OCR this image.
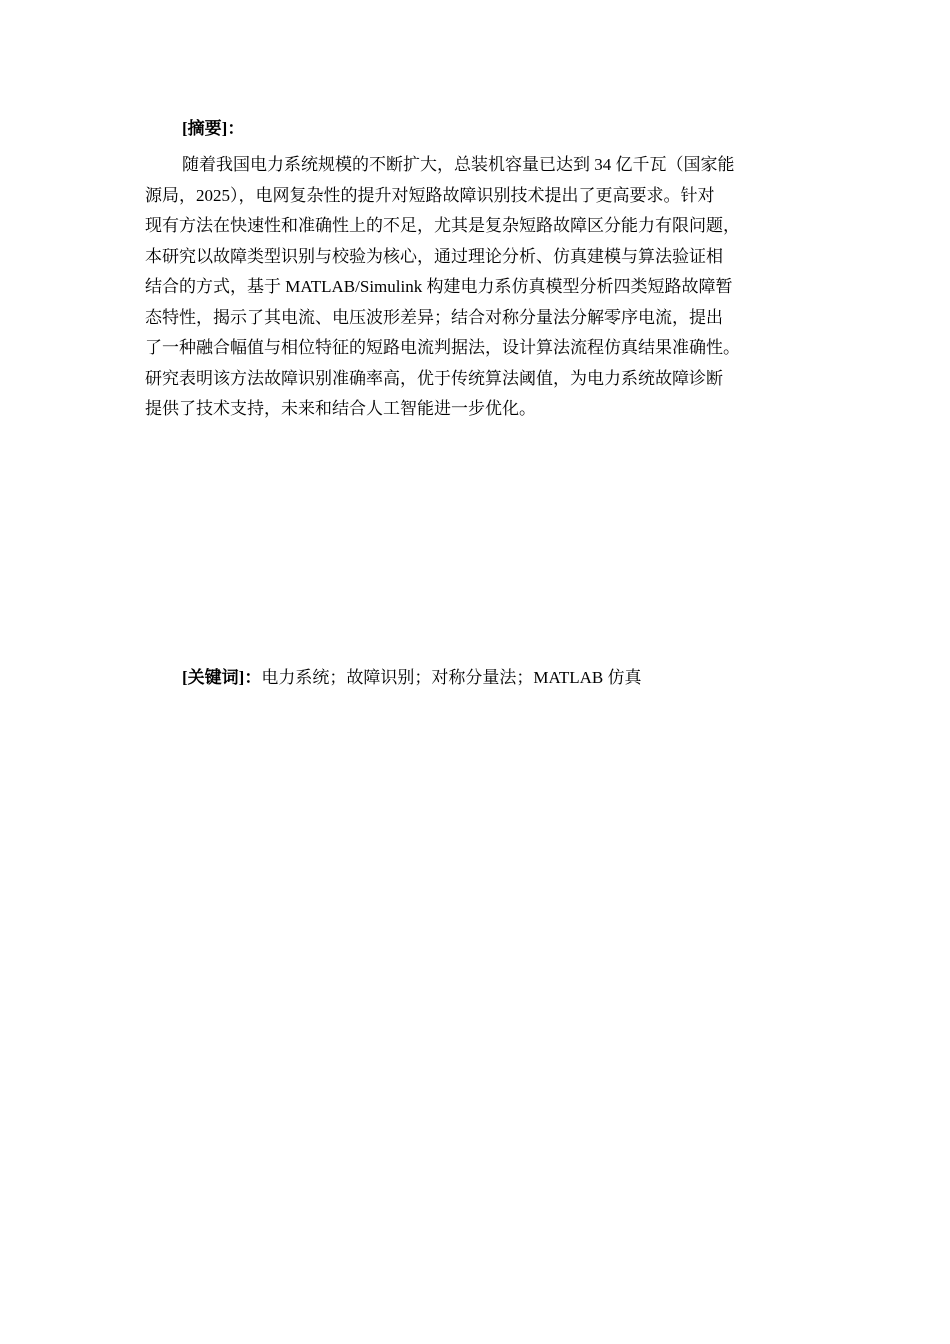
[摘要]：
随着我国电力系统规模的不断扩大，总装机容量已达到 34 亿千瓦（国家能
源局，2025），电网复杂性的提升对短路故障识别技术提出了更高要求。针对
现有方法在快速性和准确性上的不足，尤其是复杂短路故障区分能力有限问题，
本研究以故障类型识别与校验为核心，通过理论分析、仿真建模与算法验证相
结合的方式，基于 MATLAB/Simulink 构建电力系仿真模型分析四类短路故障暂
态特性，揭示了其电流、电压波形差异；结合对称分量法分解零序电流，提出
了一种融合幅值与相位特征的短路电流判据法，设计算法流程仿真结果准确性。
研究表明该方法故障识别准确率高，优于传统算法阈值，为电力系统故障诊断
提供了技术支持，未来和结合人工智能进一步优化。
[关键词]：电力系统；故障识别；对称分量法；MATLAB 仿真
